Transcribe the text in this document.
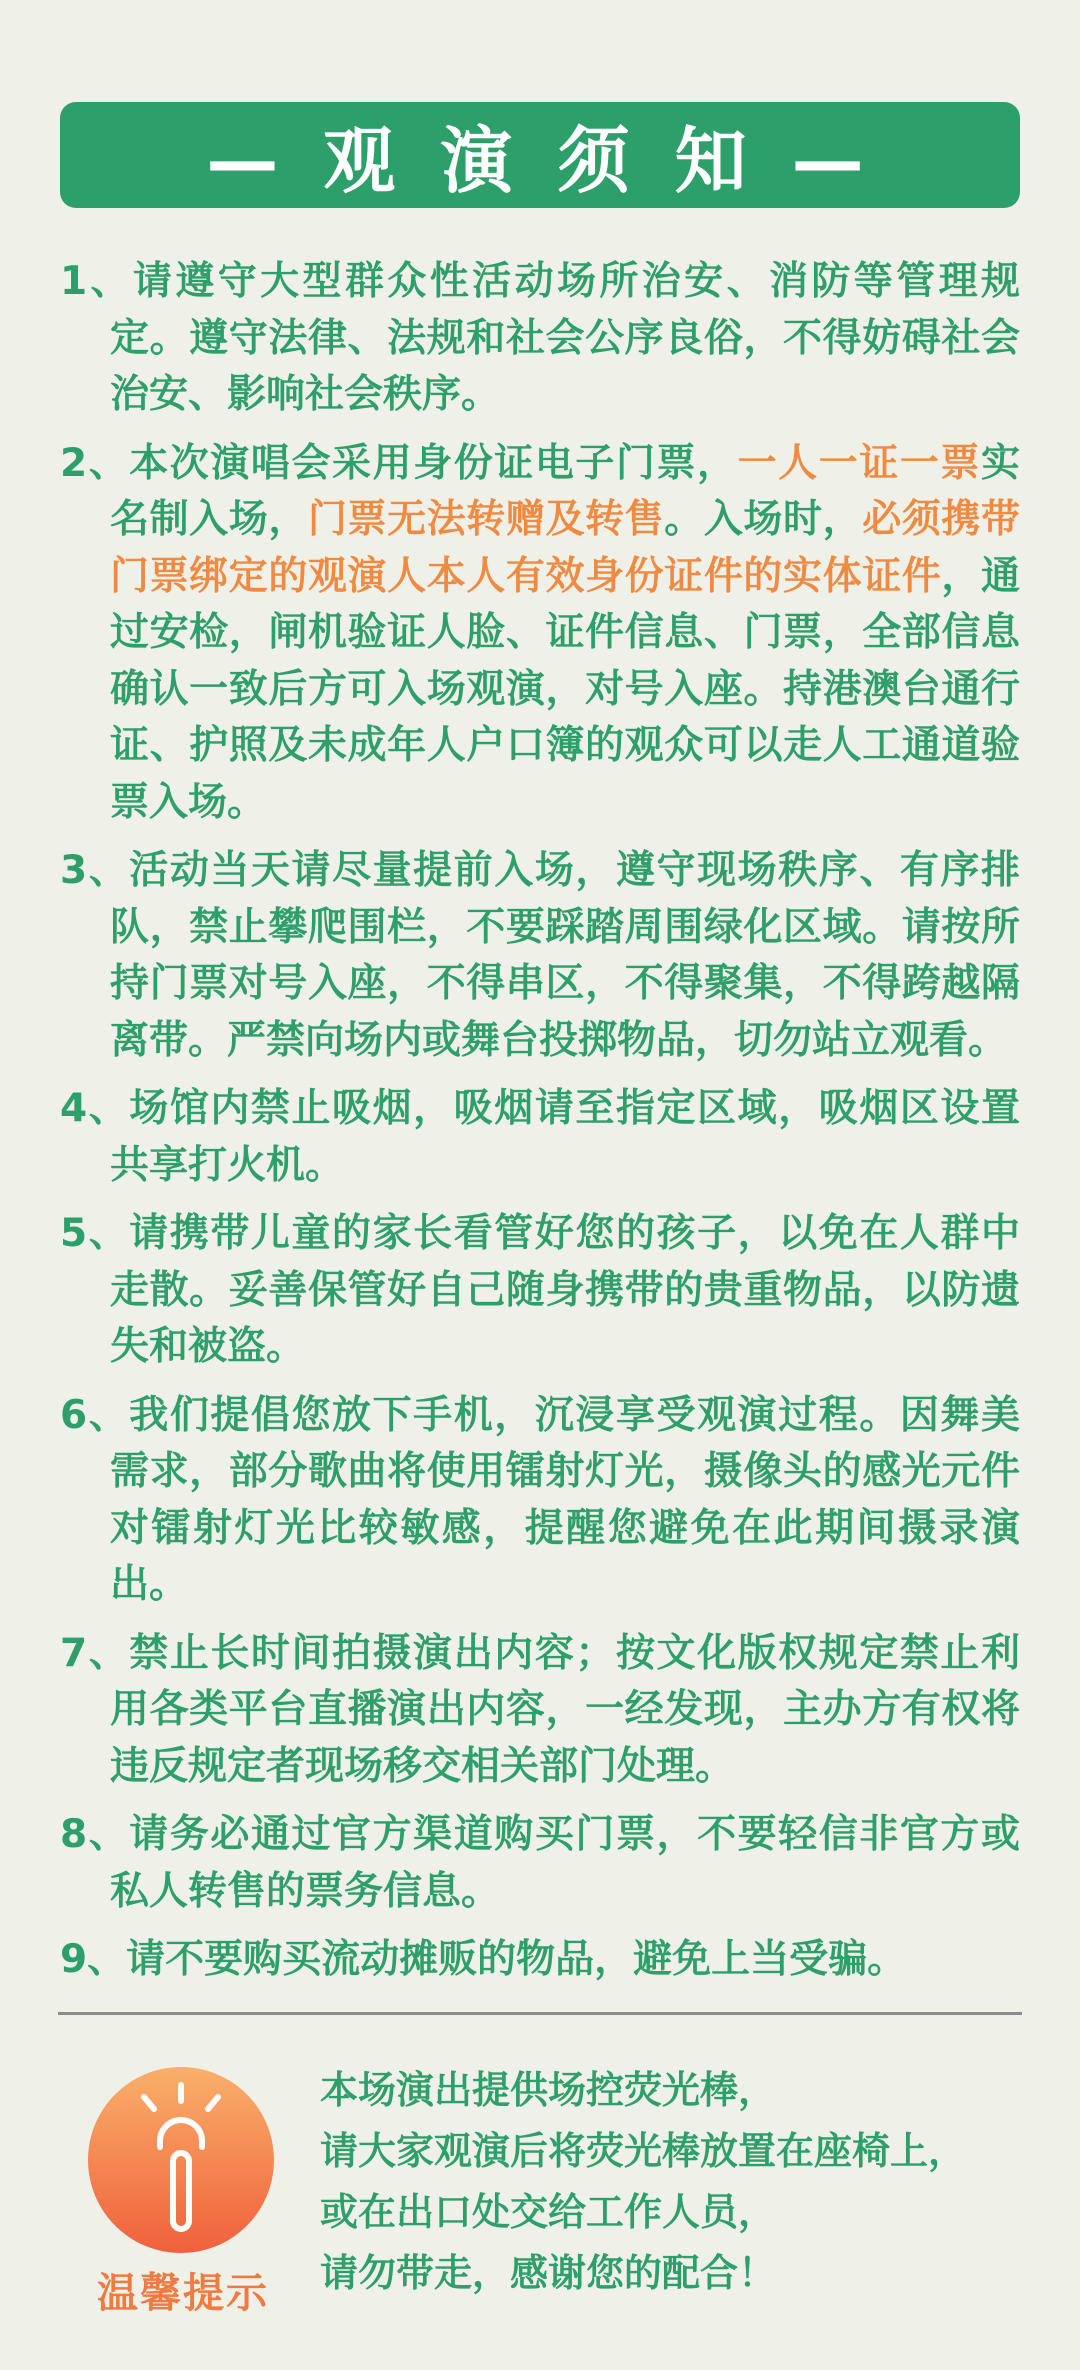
— 观 演 须 知 —
1、请遵守大型群众性活动场所治安、消防等管理规定。遵守法律、法规和社会公序良俗，不得妨碍社会治安、影响社会秩序。
2、本次演唱会采用身份证电子门票，一人一证一票实名制入场，门票无法转赠及转售。入场时，必须携带门票绑定的观演人本人有效身份证件的实体证件，通过安检，闸机验证人脸、证件信息、门票，全部信息确认一致后方可入场观演，对号入座。持港澳台通行证、护照及未成年人户口簿的观众可以走人工通道验票入场。
3、活动当天请尽量提前入场，遵守现场秩序、有序排队，禁止攀爬围栏，不要踩踏周围绿化区域。请按所持门票对号入座，不得串区，不得聚集，不得跨越隔离带。严禁向场内或舞台投掷物品，切勿站立观看。
4、场馆内禁止吸烟，吸烟请至指定区域，吸烟区设置共享打火机。
5、请携带儿童的家长看管好您的孩子，以免在人群中走散。妥善保管好自己随身携带的贵重物品，以防遗失和被盗。
6、我们提倡您放下手机，沉浸享受观演过程。因舞美需求，部分歌曲将使用镭射灯光，摄像头的感光元件对镭射灯光比较敏感，提醒您避免在此期间摄录演出。
7、禁止长时间拍摄演出内容；按文化版权规定禁止利用各类平台直播演出内容，一经发现，主办方有权将违反规定者现场移交相关部门处理。
8、请务必通过官方渠道购买门票，不要轻信非官方或私人转售的票务信息。
9、请不要购买流动摊贩的物品，避免上当受骗。
温馨提示
本场演出提供场控荧光棒，
请大家观演后将荧光棒放置在座椅上，
或在出口处交给工作人员，
请勿带走，感谢您的配合！
